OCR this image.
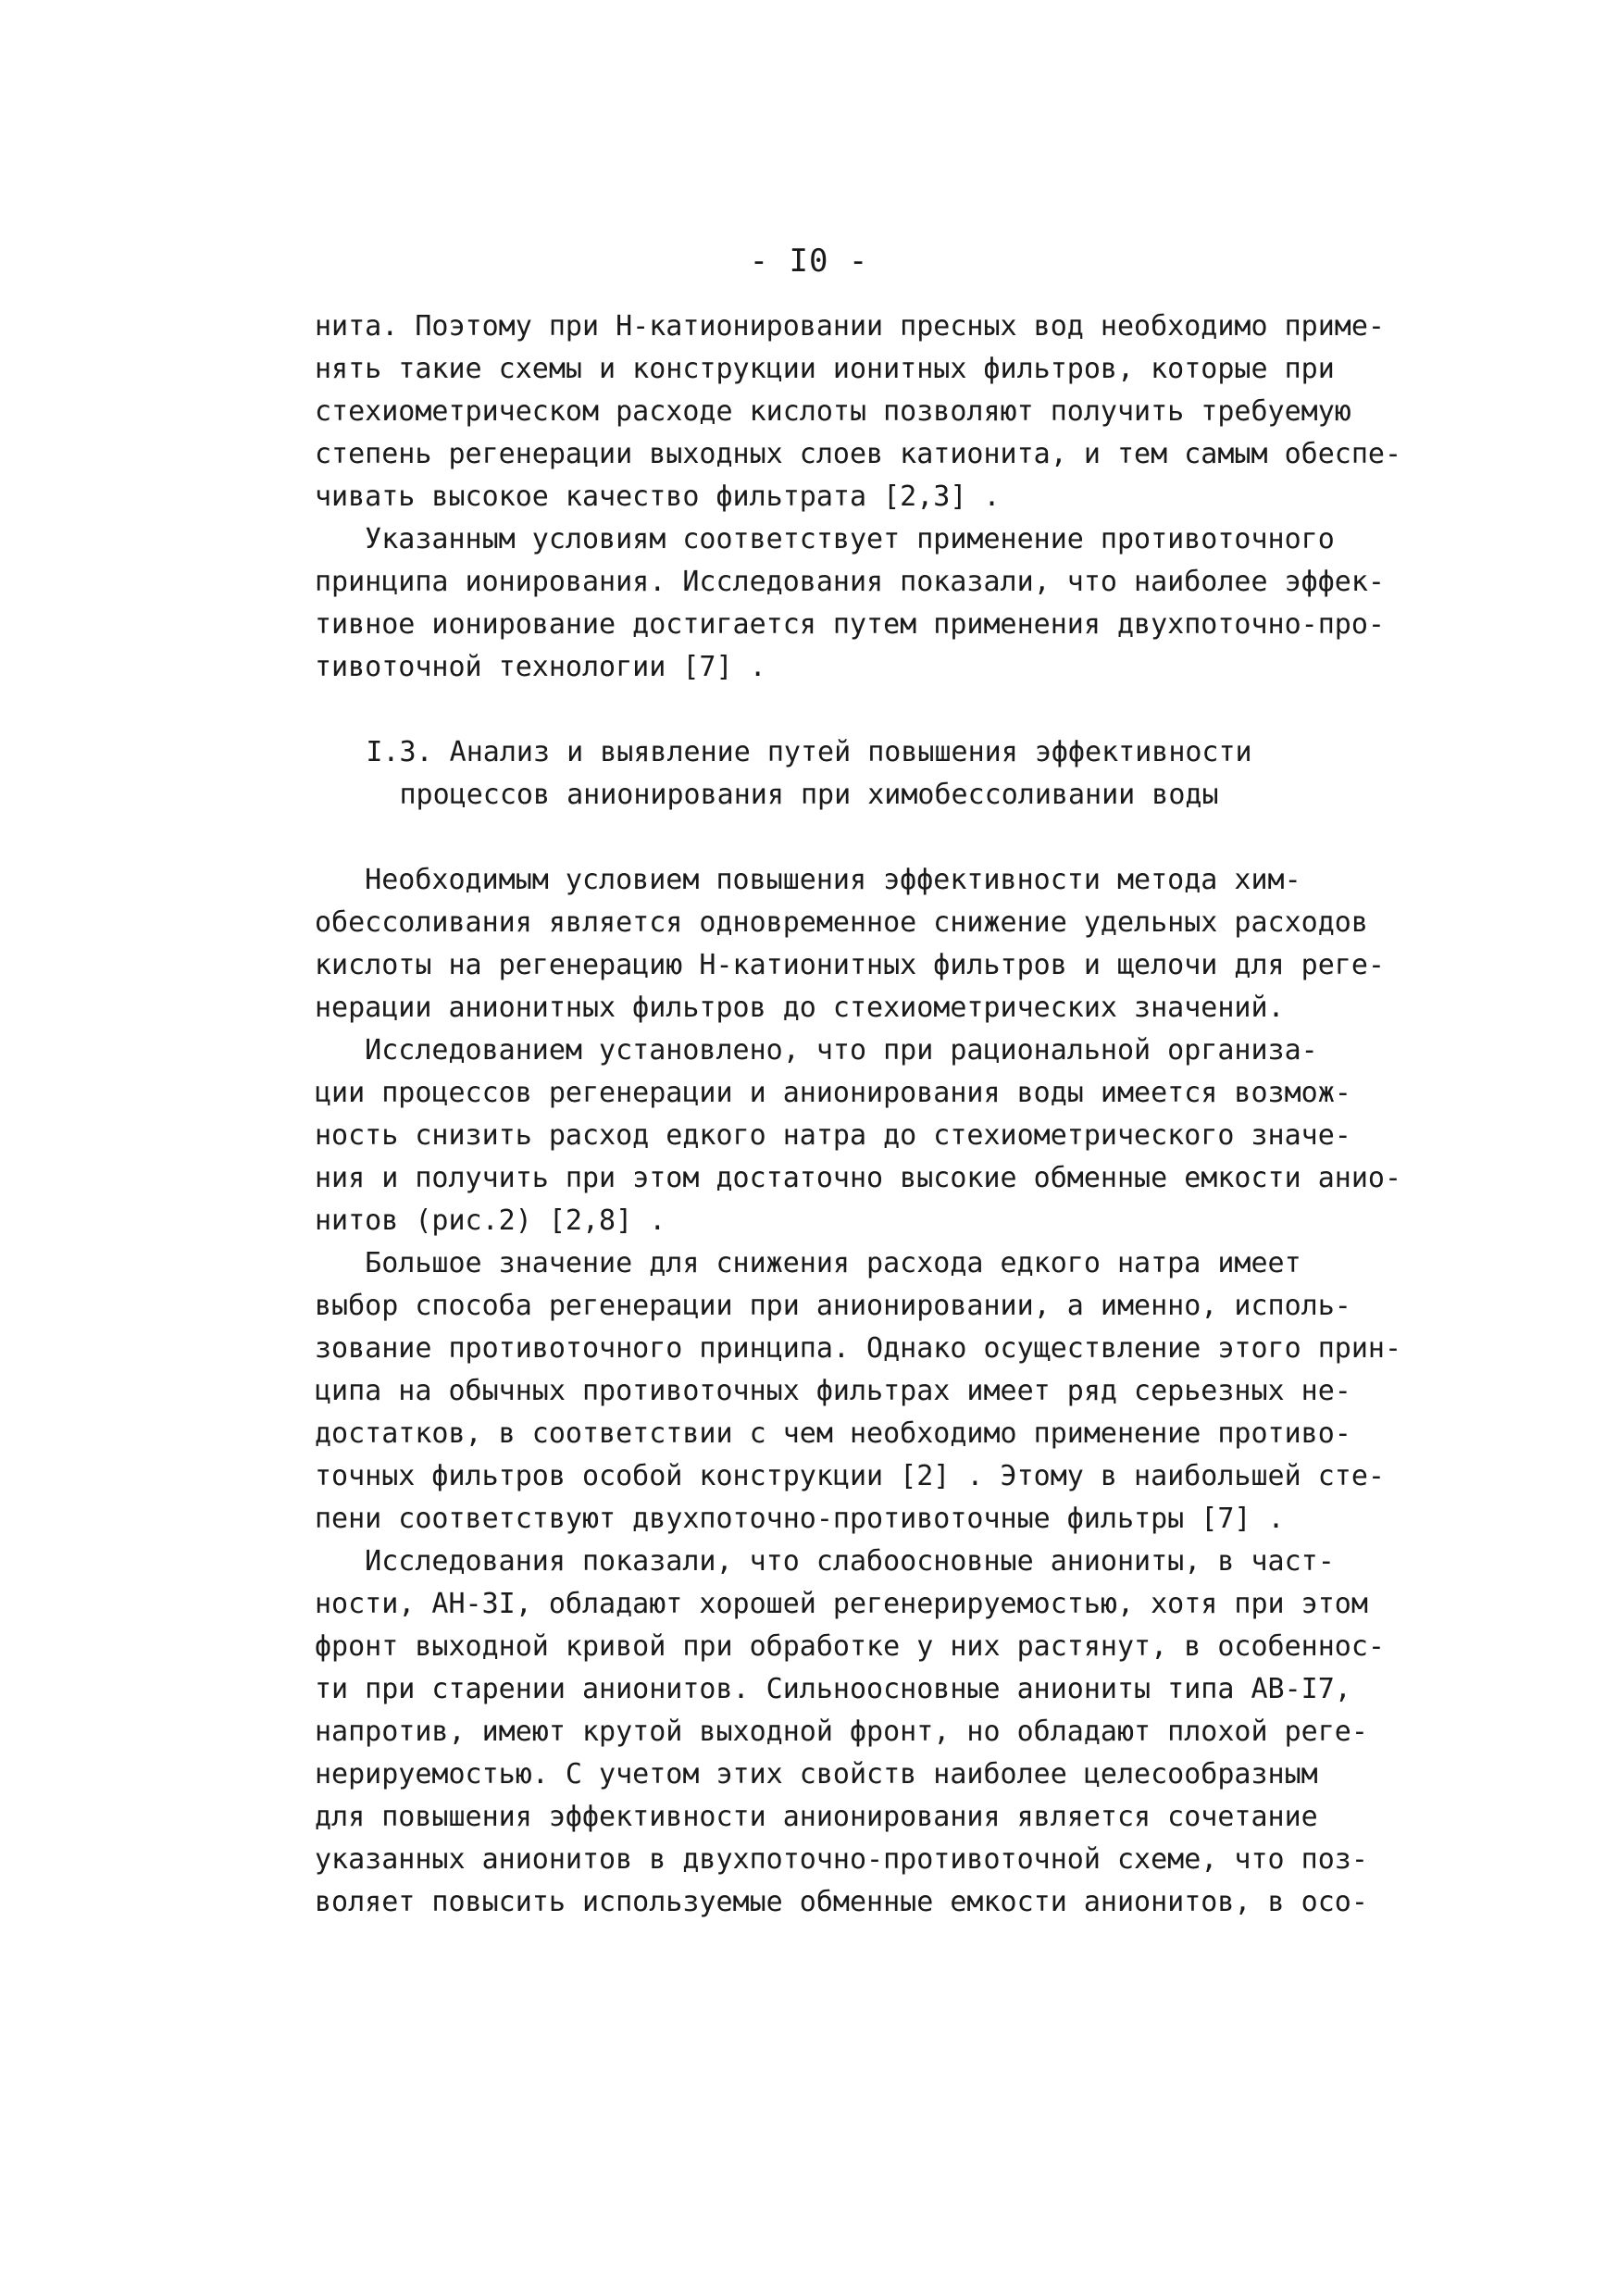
- I0 -
нита. Поэтому при Н-катионировании пресных вод необходимо приме-
нять такие схемы и конструкции ионитных фильтров, которые при
стехиометрическом расходе кислоты позволяют получить требуемую
степень регенерации выходных слоев катионита, и тем самым обеспе-
чивать высокое качество фильтрата [2,3] .
Указанным условиям соответствует применение противоточного
принципа ионирования. Исследования показали, что наиболее эффек-
тивное ионирование достигается путем применения двухпоточно-про-
тивоточной технологии [7] .
I.3. Анализ и выявление путей повышения эффективности
процессов анионирования при химобессоливании воды
Необходимым условием повышения эффективности метода хим-
обессоливания является одновременное снижение удельных расходов
кислоты на регенерацию Н-катионитных фильтров и щелочи для реге-
нерации анионитных фильтров до стехиометрических значений.
Исследованием установлено, что при рациональной организа-
ции процессов регенерации и анионирования воды имеется возмож-
ность снизить расход едкого натра до стехиометрического значе-
ния и получить при этом достаточно высокие обменные емкости анио-
нитов (рис.2) [2,8] .
Большое значение для снижения расхода едкого натра имеет
выбор способа регенерации при анионировании, а именно, исполь-
зование противоточного принципа. Однако осуществление этого прин-
ципа на обычных противоточных фильтрах имеет ряд серьезных не-
достатков, в соответствии с чем необходимо применение противо-
точных фильтров особой конструкции [2] . Этому в наибольшей сте-
пени соответствуют двухпоточно-противоточные фильтры [7] .
Исследования показали, что слабоосновные аниониты, в част-
ности, АН-3I, обладают хорошей регенерируемостью, хотя при этом
фронт выходной кривой при обработке у них растянут, в особеннос-
ти при старении анионитов. Сильноосновные аниониты типа АВ-I7,
напротив, имеют крутой выходной фронт, но обладают плохой реге-
нерируемостью. С учетом этих свойств наиболее целесообразным
для повышения эффективности анионирования является сочетание
указанных анионитов в двухпоточно-противоточной схеме, что поз-
воляет повысить используемые обменные емкости анионитов, в осо-
